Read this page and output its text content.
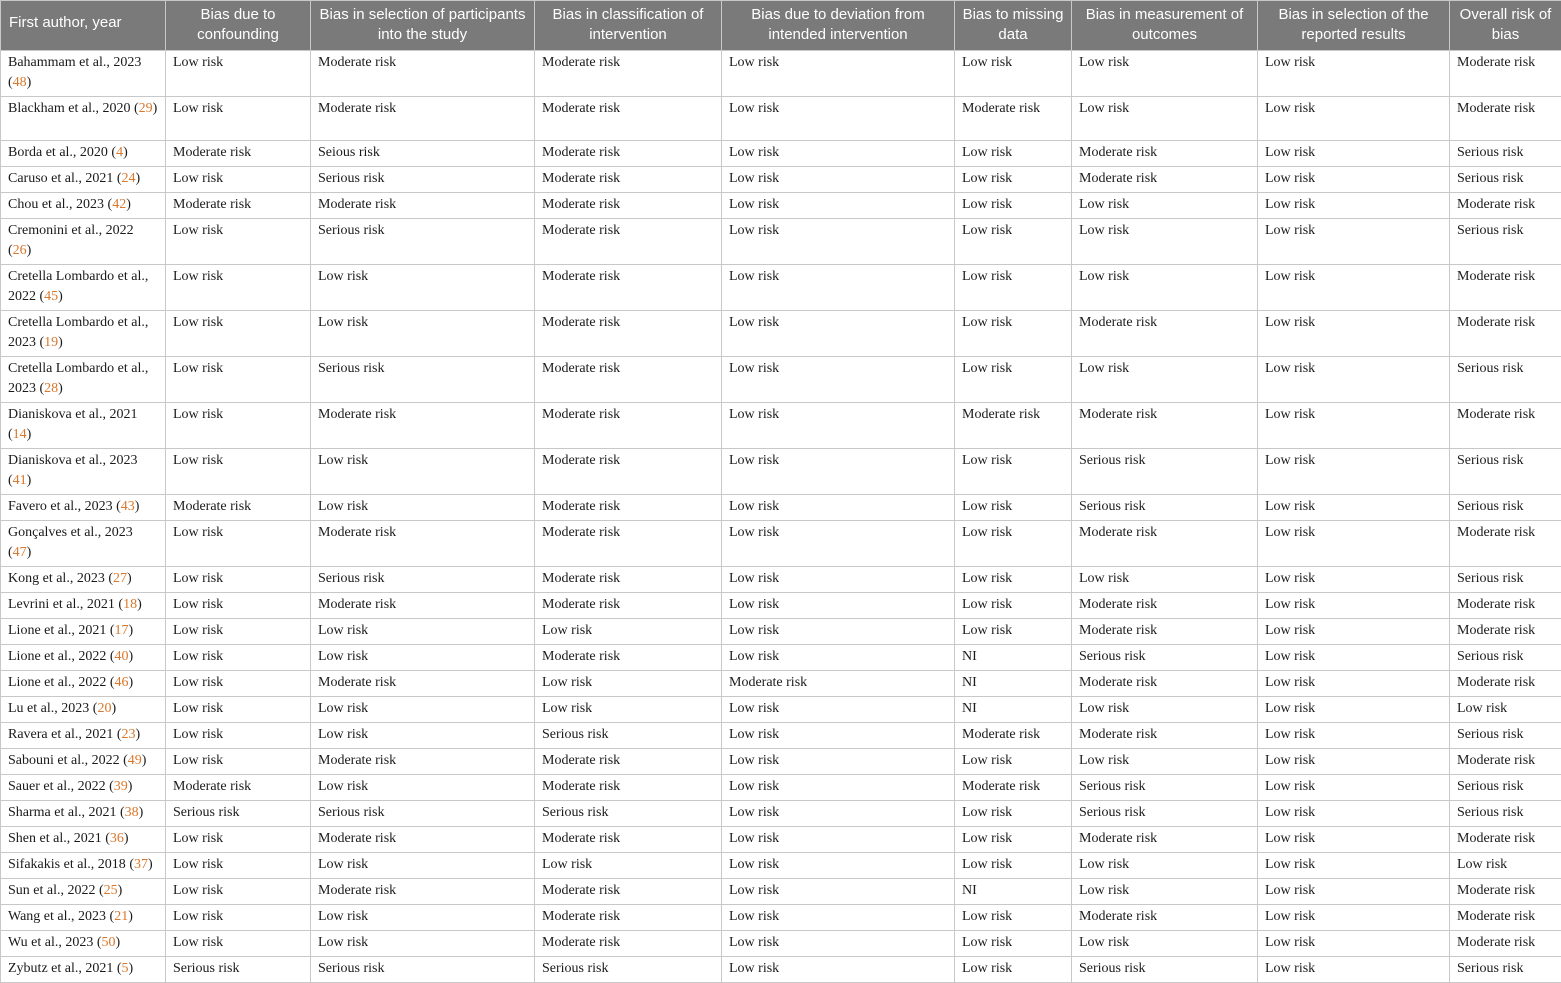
First author, year	Bias due to confounding	Bias in selection of participants into the study	Bias in classification of intervention	Bias due to deviation from intended intervention	Bias to missing data	Bias in measurement of outcomes	Bias in selection of the reported results	Overall risk of bias
Bahammam et al., 2023 (48)	Low risk	Moderate risk	Moderate risk	Low risk	Low risk	Low risk	Low risk	Moderate risk
Blackham et al., 2020 (29)	Low risk	Moderate risk	Moderate risk	Low risk	Moderate risk	Low risk	Low risk	Moderate risk
Borda et al., 2020 (4)	Moderate risk	Seious risk	Moderate risk	Low risk	Low risk	Moderate risk	Low risk	Serious risk
Caruso et al., 2021 (24)	Low risk	Serious risk	Moderate risk	Low risk	Low risk	Moderate risk	Low risk	Serious risk
Chou et al., 2023 (42)	Moderate risk	Moderate risk	Moderate risk	Low risk	Low risk	Low risk	Low risk	Moderate risk
Cremonini et al., 2022 (26)	Low risk	Serious risk	Moderate risk	Low risk	Low risk	Low risk	Low risk	Serious risk
Cretella Lombardo et al., 2022 (45)	Low risk	Low risk	Moderate risk	Low risk	Low risk	Low risk	Low risk	Moderate risk
Cretella Lombardo et al., 2023 (19)	Low risk	Low risk	Moderate risk	Low risk	Low risk	Moderate risk	Low risk	Moderate risk
Cretella Lombardo et al., 2023 (28)	Low risk	Serious risk	Moderate risk	Low risk	Low risk	Low risk	Low risk	Serious risk
Dianiskova et al., 2021 (14)	Low risk	Moderate risk	Moderate risk	Low risk	Moderate risk	Moderate risk	Low risk	Moderate risk
Dianiskova et al., 2023 (41)	Low risk	Low risk	Moderate risk	Low risk	Low risk	Serious risk	Low risk	Serious risk
Favero et al., 2023 (43)	Moderate risk	Low risk	Moderate risk	Low risk	Low risk	Serious risk	Low risk	Serious risk
Gonçalves et al., 2023 (47)	Low risk	Moderate risk	Moderate risk	Low risk	Low risk	Moderate risk	Low risk	Moderate risk
Kong et al., 2023 (27)	Low risk	Serious risk	Moderate risk	Low risk	Low risk	Low risk	Low risk	Serious risk
Levrini et al., 2021 (18)	Low risk	Moderate risk	Moderate risk	Low risk	Low risk	Moderate risk	Low risk	Moderate risk
Lione et al., 2021 (17)	Low risk	Low risk	Low risk	Low risk	Low risk	Moderate risk	Low risk	Moderate risk
Lione et al., 2022 (40)	Low risk	Low risk	Moderate risk	Low risk	NI	Serious risk	Low risk	Serious risk
Lione et al., 2022 (46)	Low risk	Moderate risk	Low risk	Moderate risk	NI	Moderate risk	Low risk	Moderate risk
Lu et al., 2023 (20)	Low risk	Low risk	Low risk	Low risk	NI	Low risk	Low risk	Low risk
Ravera et al., 2021 (23)	Low risk	Low risk	Serious risk	Low risk	Moderate risk	Moderate risk	Low risk	Serious risk
Sabouni et al., 2022 (49)	Low risk	Moderate risk	Moderate risk	Low risk	Low risk	Low risk	Low risk	Moderate risk
Sauer et al., 2022 (39)	Moderate risk	Low risk	Moderate risk	Low risk	Moderate risk	Serious risk	Low risk	Serious risk
Sharma et al., 2021 (38)	Serious risk	Serious risk	Serious risk	Low risk	Low risk	Serious risk	Low risk	Serious risk
Shen et al., 2021 (36)	Low risk	Moderate risk	Moderate risk	Low risk	Low risk	Moderate risk	Low risk	Moderate risk
Sifakakis et al., 2018 (37)	Low risk	Low risk	Low risk	Low risk	Low risk	Low risk	Low risk	Low risk
Sun et al., 2022 (25)	Low risk	Moderate risk	Moderate risk	Low risk	NI	Low risk	Low risk	Moderate risk
Wang et al., 2023 (21)	Low risk	Low risk	Moderate risk	Low risk	Low risk	Moderate risk	Low risk	Moderate risk
Wu et al., 2023 (50)	Low risk	Low risk	Moderate risk	Low risk	Low risk	Low risk	Low risk	Moderate risk
Zybutz et al., 2021 (5)	Serious risk	Serious risk	Serious risk	Low risk	Low risk	Serious risk	Low risk	Serious risk
